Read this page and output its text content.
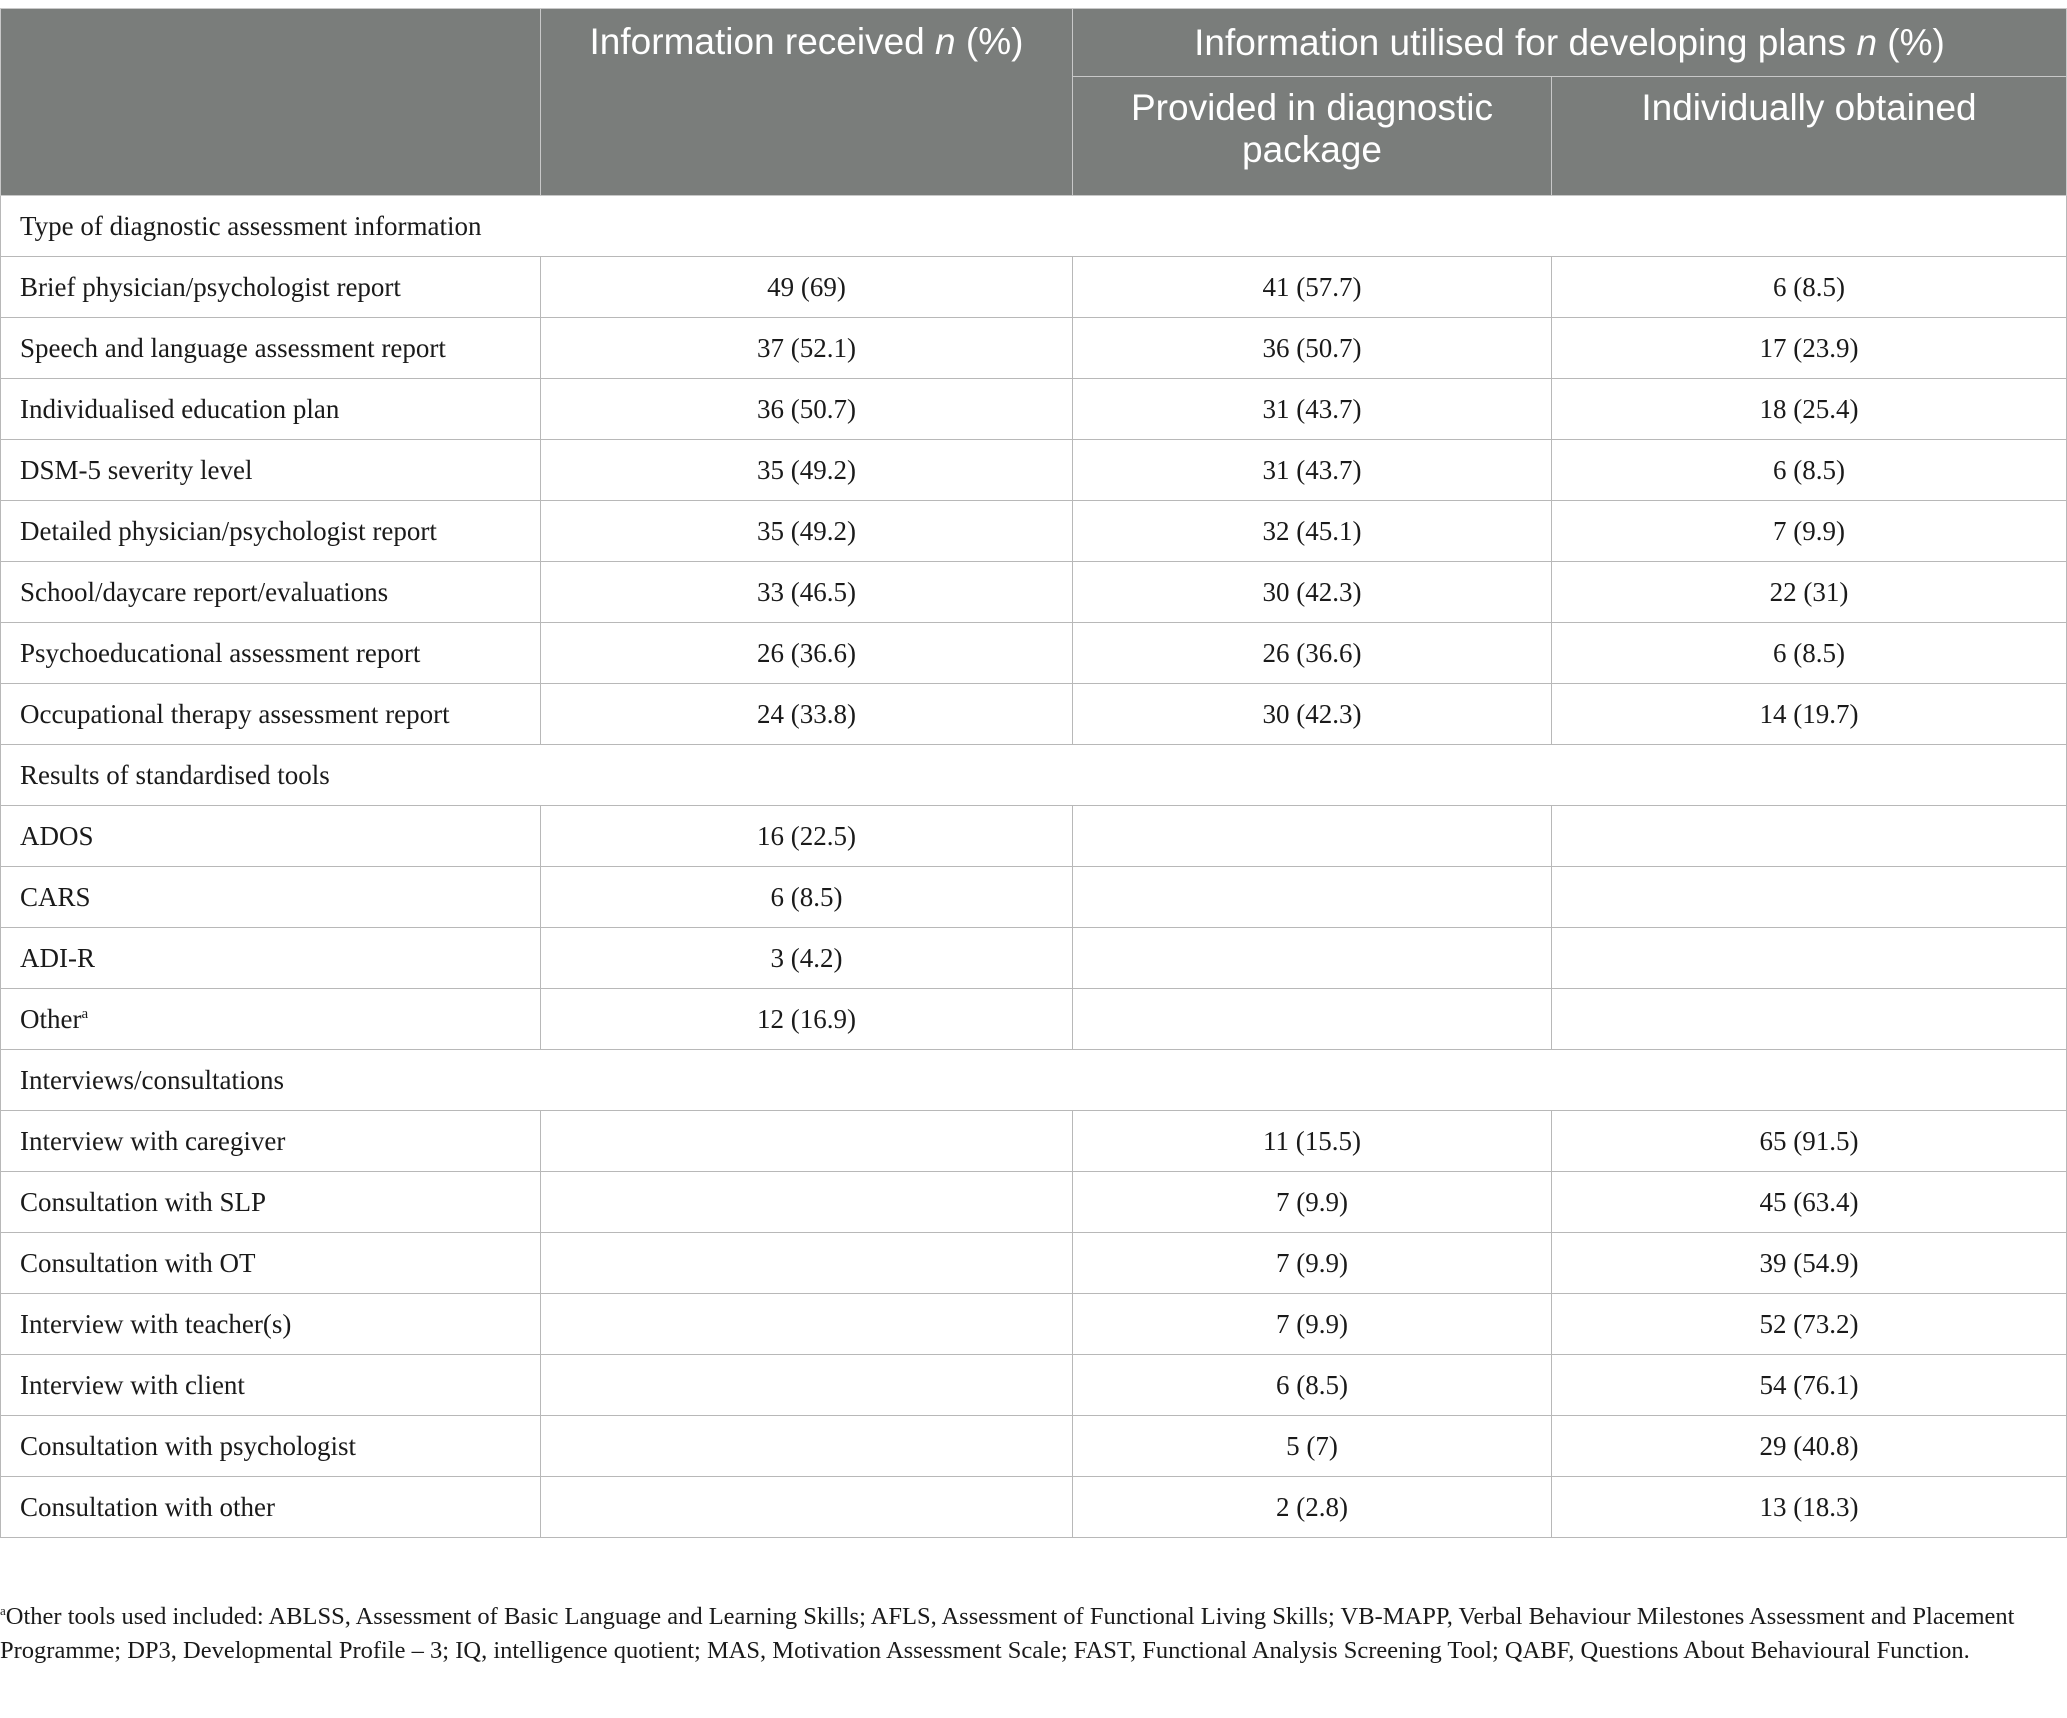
	Information received n (%)	Information utilised for developing plans n (%)	
		Provided in diagnostic package	Individually obtained
Type of diagnostic assessment information			
Brief physician/psychologist report	49 (69)	41 (57.7)	6 (8.5)
Speech and language assessment report	37 (52.1)	36 (50.7)	17 (23.9)
Individualised education plan	36 (50.7)	31 (43.7)	18 (25.4)
DSM-5 severity level	35 (49.2)	31 (43.7)	6 (8.5)
Detailed physician/psychologist report	35 (49.2)	32 (45.1)	7 (9.9)
School/daycare report/evaluations	33 (46.5)	30 (42.3)	22 (31)
Psychoeducational assessment report	26 (36.6)	26 (36.6)	6 (8.5)
Occupational therapy assessment report	24 (33.8)	30 (42.3)	14 (19.7)
Results of standardised tools			
ADOS	16 (22.5)		
CARS	6 (8.5)		
ADI-R	3 (4.2)		
Other$^a$	12 (16.9)		
Interviews/consultations			
Interview with caregiver		11 (15.5)	65 (91.5)
Consultation with SLP		7 (9.9)	45 (63.4)
Consultation with OT		7 (9.9)	39 (54.9)
Interview with teacher(s)		7 (9.9)	52 (73.2)
Interview with client		6 (8.5)	54 (76.1)
Consultation with psychologist		5 (7)	29 (40.8)
Consultation with other		2 (2.8)	13 (18.3)
$^a$Other tools used included: ABLSS, Assessment of Basic Language and Learning Skills; AFLS, Assessment of Functional Living Skills; VB-MAPP, Verbal Behaviour Milestones Assessment and Placement Programme; DP3, Developmental Profile – 3; IQ, intelligence quotient; MAS, Motivation Assessment Scale; FAST, Functional Analysis Screening Tool; QABF, Questions About Behavioural Function.
